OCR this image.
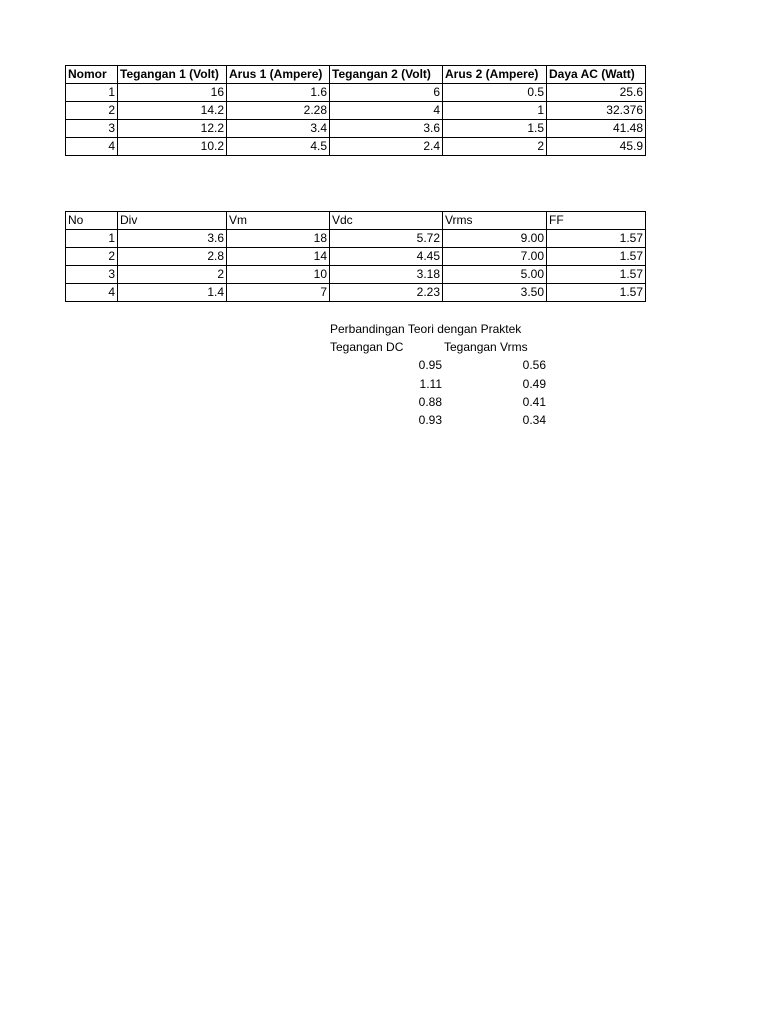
Nomor	Tegangan 1 (Volt)	Arus 1 (Ampere)	Tegangan 2 (Volt)	Arus 2 (Ampere)	Daya AC (Watt)
1	16	1.6	6	0.5	25.6
2	14.2	2.28	4	1	32.376
3	12.2	3.4	3.6	1.5	41.48
4	10.2	4.5	2.4	2	45.9
No	Div	Vm	Vdc	Vrms	FF
1	3.6	18	5.72	9.00	1.57
2	2.8	14	4.45	7.00	1.57
3	2	10	3.18	5.00	1.57
4	1.4	7	2.23	3.50	1.57
Perbandingan Teori dengan Praktek
Tegangan DC	Tegangan Vrms
0.95	0.56
1.11	0.49
0.88	0.41
0.93	0.34
